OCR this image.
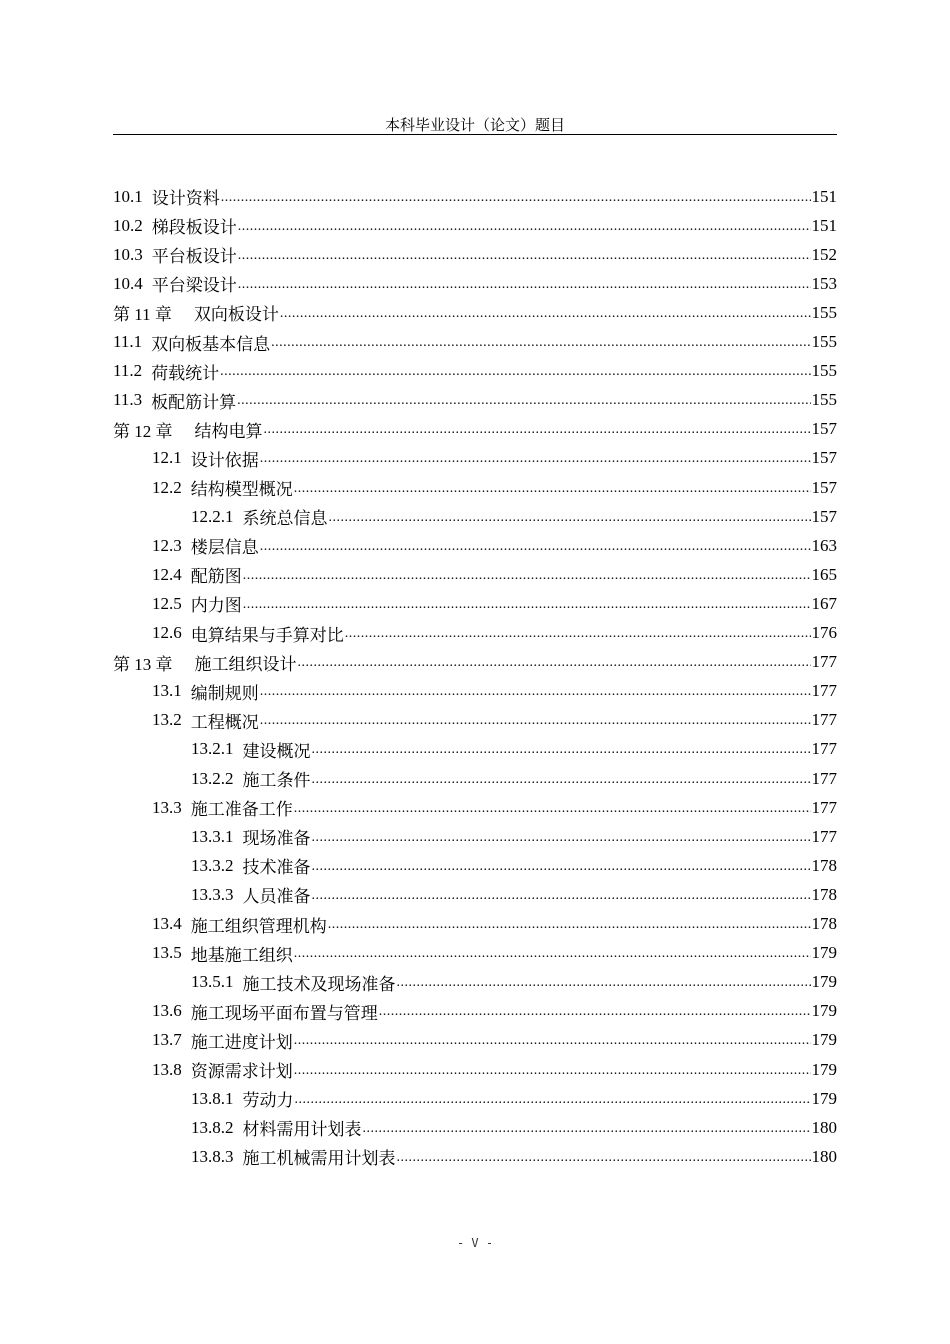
本科毕业设计（论文）题目
10.1 设计资料 .....	151
10.2 梯段板设计 .....	151
10.3 平台板设计 .....	152
10.4 平台梁设计 .....	153
第 11 章 双向板设计 .....	155
11.1 双向板基本信息 .....	155
11.2 荷载统计 .....	155
11.3 板配筋计算 .....	155
第 12 章 结构电算 .....	157
12.1 设计依据 .....	157
12.2 结构模型概况 .....	157
12.2.1 系统总信息 .....	157
12.3 楼层信息 .....	163
12.4 配筋图 .....	165
12.5 内力图 .....	167
12.6 电算结果与手算对比 .....	176
第 13 章 施工组织设计 .....	177
13.1 编制规则 .....	177
13.2 工程概况 .....	177
13.2.1 建设概况 .....	177
13.2.2 施工条件 .....	177
13.3 施工准备工作 .....	177
13.3.1 现场准备 .....	177
13.3.2 技术准备 .....	178
13.3.3 人员准备 .....	178
13.4 施工组织管理机构 .....	178
13.5 地基施工组织 .....	179
13.5.1 施工技术及现场准备 .....	179
13.6 施工现场平面布置与管理 .....	179
13.7 施工进度计划 .....	179
13.8 资源需求计划 .....	179
13.8.1 劳动力 .....	179
13.8.2 材料需用计划表 .....	180
13.8.3 施工机械需用计划表 .....	180
- V -
